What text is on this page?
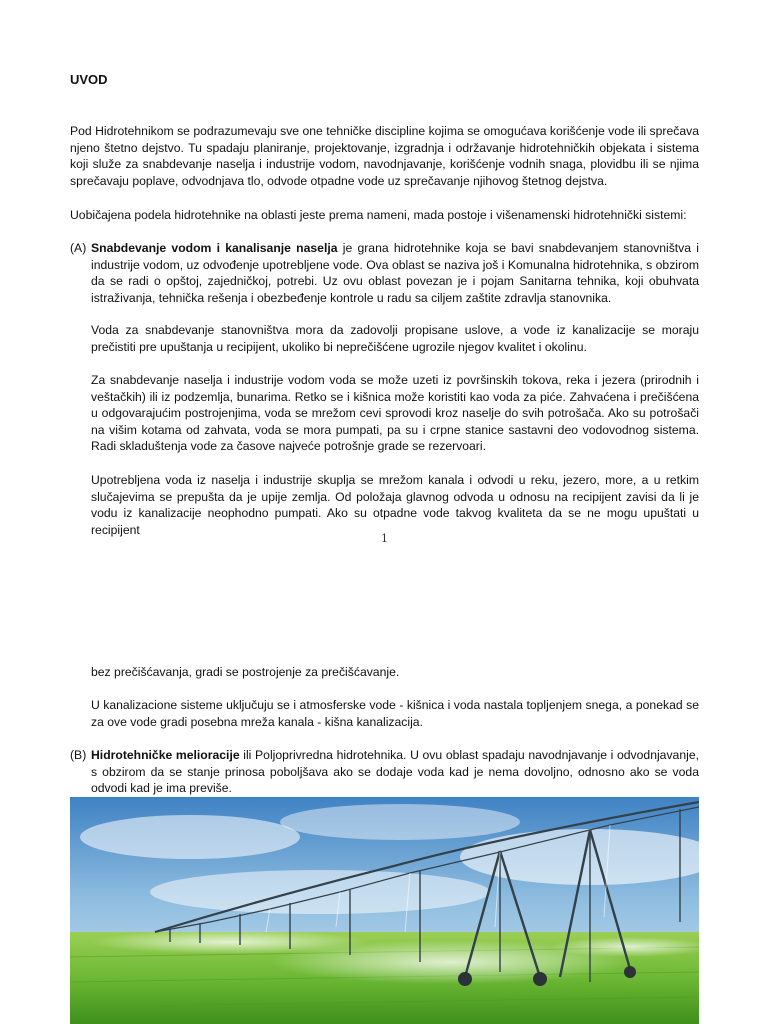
UVOD

Pod Hidrotehnikom se podrazumevaju sve one tehničke discipline kojima se omogućava korišćenje vode ili sprečava njeno štetno dejstvo. Tu spadaju planiranje, projektovanje, izgradnja i održavanje hidrotehničkih objekata i sistema koji služe za snabdevanje naselja i industrije vodom, navodnjavanje, korišćenje vodnih snaga, plovidbu ili se njima sprečavaju poplave, odvodnjava tlo, odvode otpadne vode uz sprečavanje njihovog štetnog dejstva.

Uobičajena podela hidrotehnike na oblasti jeste prema nameni, mada postoje i višenamenski hidrotehnički sistemi:

(A) Snabdevanje vodom i kanalisanje naselja je grana hidrotehnike koja se bavi snabdevanjem stanovništva i industrije vodom, uz odvođenje upotrebljene vode. Ova oblast se naziva još i Komunalna hidrotehnika, s obzirom da se radi o opštoj, zajedničkoj, potrebi. Uz ovu oblast povezan je i pojam Sanitarna tehnika, koji obuhvata istraživanja, tehnička rešenja i obezbeđenje kontrole u radu sa ciljem zaštite zdravlja stanovnika.

Voda za snabdevanje stanovništva mora da zadovolji propisane uslove, a vode iz kanalizacije se moraju prečistiti pre upuštanja u recipijent, ukoliko bi neprečišćene ugrozile njegov kvalitet i okolinu.

Za snabdevanje naselja i industrije vodom voda se može uzeti iz površinskih tokova, reka i jezera (prirodnih i veštačkih) ili iz podzemlja, bunarima. Retko se i kišnica može koristiti kao voda za piće. Zahvaćena i prečišćena u odgovarajućim postrojenjima, voda se mrežom cevi sprovodi kroz naselje do svih potrošača. Ako su potrošači na višim kotama od zahvata, voda se mora pumpati, pa su i crpne stanice sastavni deo vodovodnog sistema. Radi skladuštenja vode za časove najveće potrošnje grade se rezervoari.

Upotrebljena voda iz naselja i industrije skuplja se mrežom kanala i odvodi u reku, jezero, more, a u retkim slučajevima se prepušta da je upije zemlja. Od položaja glavnog odvoda u odnosu na recipijent zavisi da li je vodu iz kanalizacije neophodno pumpati. Ako su otpadne vode takvog kvaliteta da se ne mogu upuštati u recipijent

1

bez prečišćavanja, gradi se postrojenje za prečišćavanje.

U kanalizacione sisteme uključuju se i atmosferske vode - kišnica i voda nastala topljenjem snega, a ponekad se za ove vode gradi posebna mreža kanala - kišna kanalizacija.

(B) Hidrotehničke melioracije ili Poljoprivredna hidrotehnika. U ovu oblast spadaju navodnjavanje i odvodnjavanje, s obzirom da se stanje prinosa poboljšava ako se dodaje voda kad je nema dovoljno, odnosno ako se voda odvodi kad je ima previše.
